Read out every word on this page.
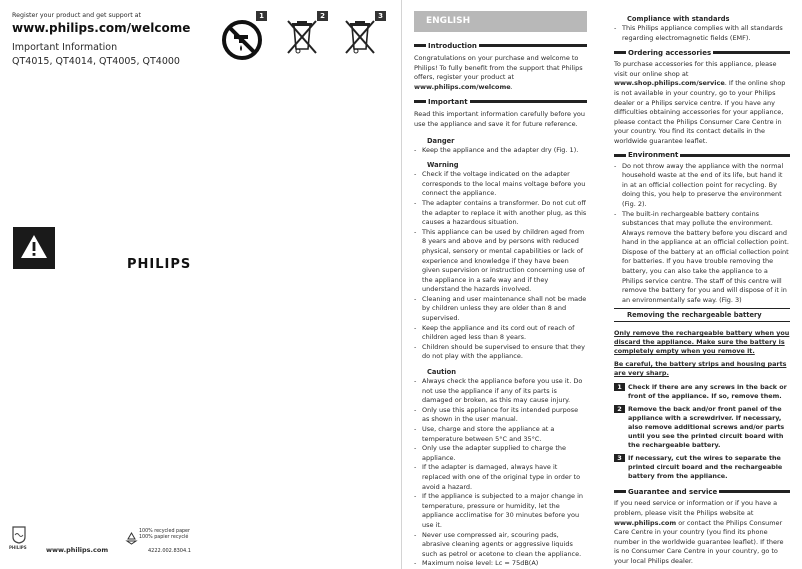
Register your product and get support at
www.philips.com/welcome
Important Information
QT4015, QT4014, QT4005, QT4000
1	2	3
PHILIPS
PHILIPS	www.philips.com
100% recycled paper
100% papier recyclé
4222.002.8304.1
ENGLISH
Introduction
Congratulations on your purchase and welcome to Philips! To fully benefit from the support that Philips offers, register your product at www.philips.com/welcome.
Important
Read this important information carefully before you use the appliance and save it for future reference.
Danger
- Keep the appliance and the adapter dry (Fig. 1).
Warning
- Check if the voltage indicated on the adapter corresponds to the local mains voltage before you connect the appliance.
- The adapter contains a transformer. Do not cut off the adapter to replace it with another plug, as this causes a hazardous situation.
- This appliance can be used by children aged from 8 years and above and by persons with reduced physical, sensory or mental capabilities or lack of experience and knowledge if they have been given supervision or instruction concerning use of the appliance in a safe way and if they understand the hazards involved.
- Cleaning and user maintenance shall not be made by children unless they are older than 8 and supervised.
- Keep the appliance and its cord out of reach of children aged less than 8 years.
- Children should be supervised to ensure that they do not play with the appliance.
Caution
- Always check the appliance before you use it. Do not use the appliance if any of its parts is damaged or broken, as this may cause injury.
- Only use this appliance for its intended purpose as shown in the user manual.
- Use, charge and store the appliance at a temperature between 5°C and 35°C.
- Only use the adapter supplied to charge the appliance.
- If the adapter is damaged, always have it replaced with one of the original type in order to avoid a hazard.
- If the appliance is subjected to a major change in temperature, pressure or humidity, let the appliance acclimatise for 30 minutes before you use it.
- Never use compressed air, scouring pads, abrasive cleaning agents or aggressive liquids such as petrol or acetone to clean the appliance.
- Maximum noise level: Lc = 75dB(A)
Compliance with standards
- This Philips appliance complies with all standards regarding electromagnetic fields (EMF).
Ordering accessories
To purchase accessories for this appliance, please visit our online shop at www.shop.philips.com/service. If the online shop is not available in your country, go to your Philips dealer or a Philips service centre. If you have any difficulties obtaining accessories for your appliance, please contact the Philips Consumer Care Centre in your country. You find its contact details in the worldwide guarantee leaflet.
Environment
- Do not throw away the appliance with the normal household waste at the end of its life, but hand it in at an official collection point for recycling. By doing this, you help to preserve the environment (Fig. 2).
- The built-in rechargeable battery contains substances that may pollute the environment. Always remove the battery before you discard and hand in the appliance at an official collection point. Dispose of the battery at an official collection point for batteries. If you have trouble removing the battery, you can also take the appliance to a Philips service centre. The staff of this centre will remove the battery for you and will dispose of it in an environmentally safe way. (Fig. 3)
Removing the rechargeable battery
Only remove the rechargeable battery when you discard the appliance. Make sure the battery is completely empty when you remove it.
Be careful, the battery strips and housing parts are very sharp.
1 Check if there are any screws in the back or front of the appliance. If so, remove them.
2 Remove the back and/or front panel of the appliance with a screwdriver. If necessary, also remove additional screws and/or parts until you see the printed circuit board with the rechargeable battery.
3 If necessary, cut the wires to separate the printed circuit board and the rechargeable battery from the appliance.
Guarantee and service
If you need service or information or if you have a problem, please visit the Philips website at www.philips.com or contact the Philips Consumer Care Centre in your country (you find its phone number in the worldwide guarantee leaflet). If there is no Consumer Care Centre in your country, go to your local Philips dealer.
